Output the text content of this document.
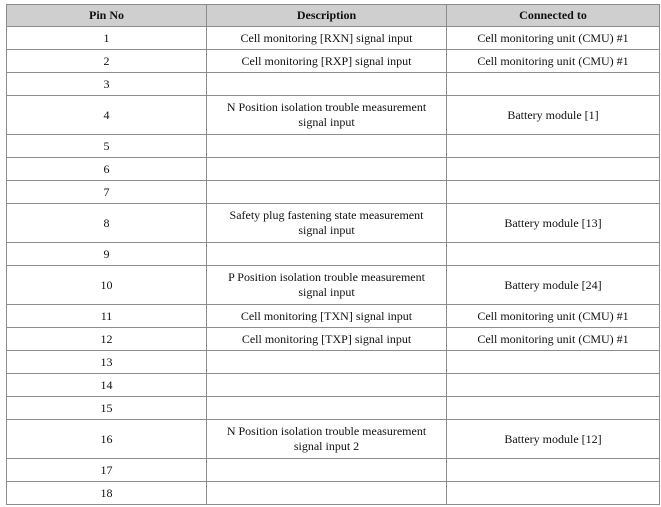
Pin No	Description	Connected to
1	Cell monitoring [RXN] signal input	Cell monitoring unit (CMU) #1
2	Cell monitoring [RXP] signal input	Cell monitoring unit (CMU) #1
3		
4	N Position isolation trouble measurement signal input	Battery module [1]
5		
6		
7		
8	Safety plug fastening state measurement signal input	Battery module [13]
9		
10	P Position isolation trouble measurement signal input	Battery module [24]
11	Cell monitoring [TXN] signal input	Cell monitoring unit (CMU) #1
12	Cell monitoring [TXP] signal input	Cell monitoring unit (CMU) #1
13		
14		
15		
16	N Position isolation trouble measurement signal input 2	Battery module [12]
17		
18		
